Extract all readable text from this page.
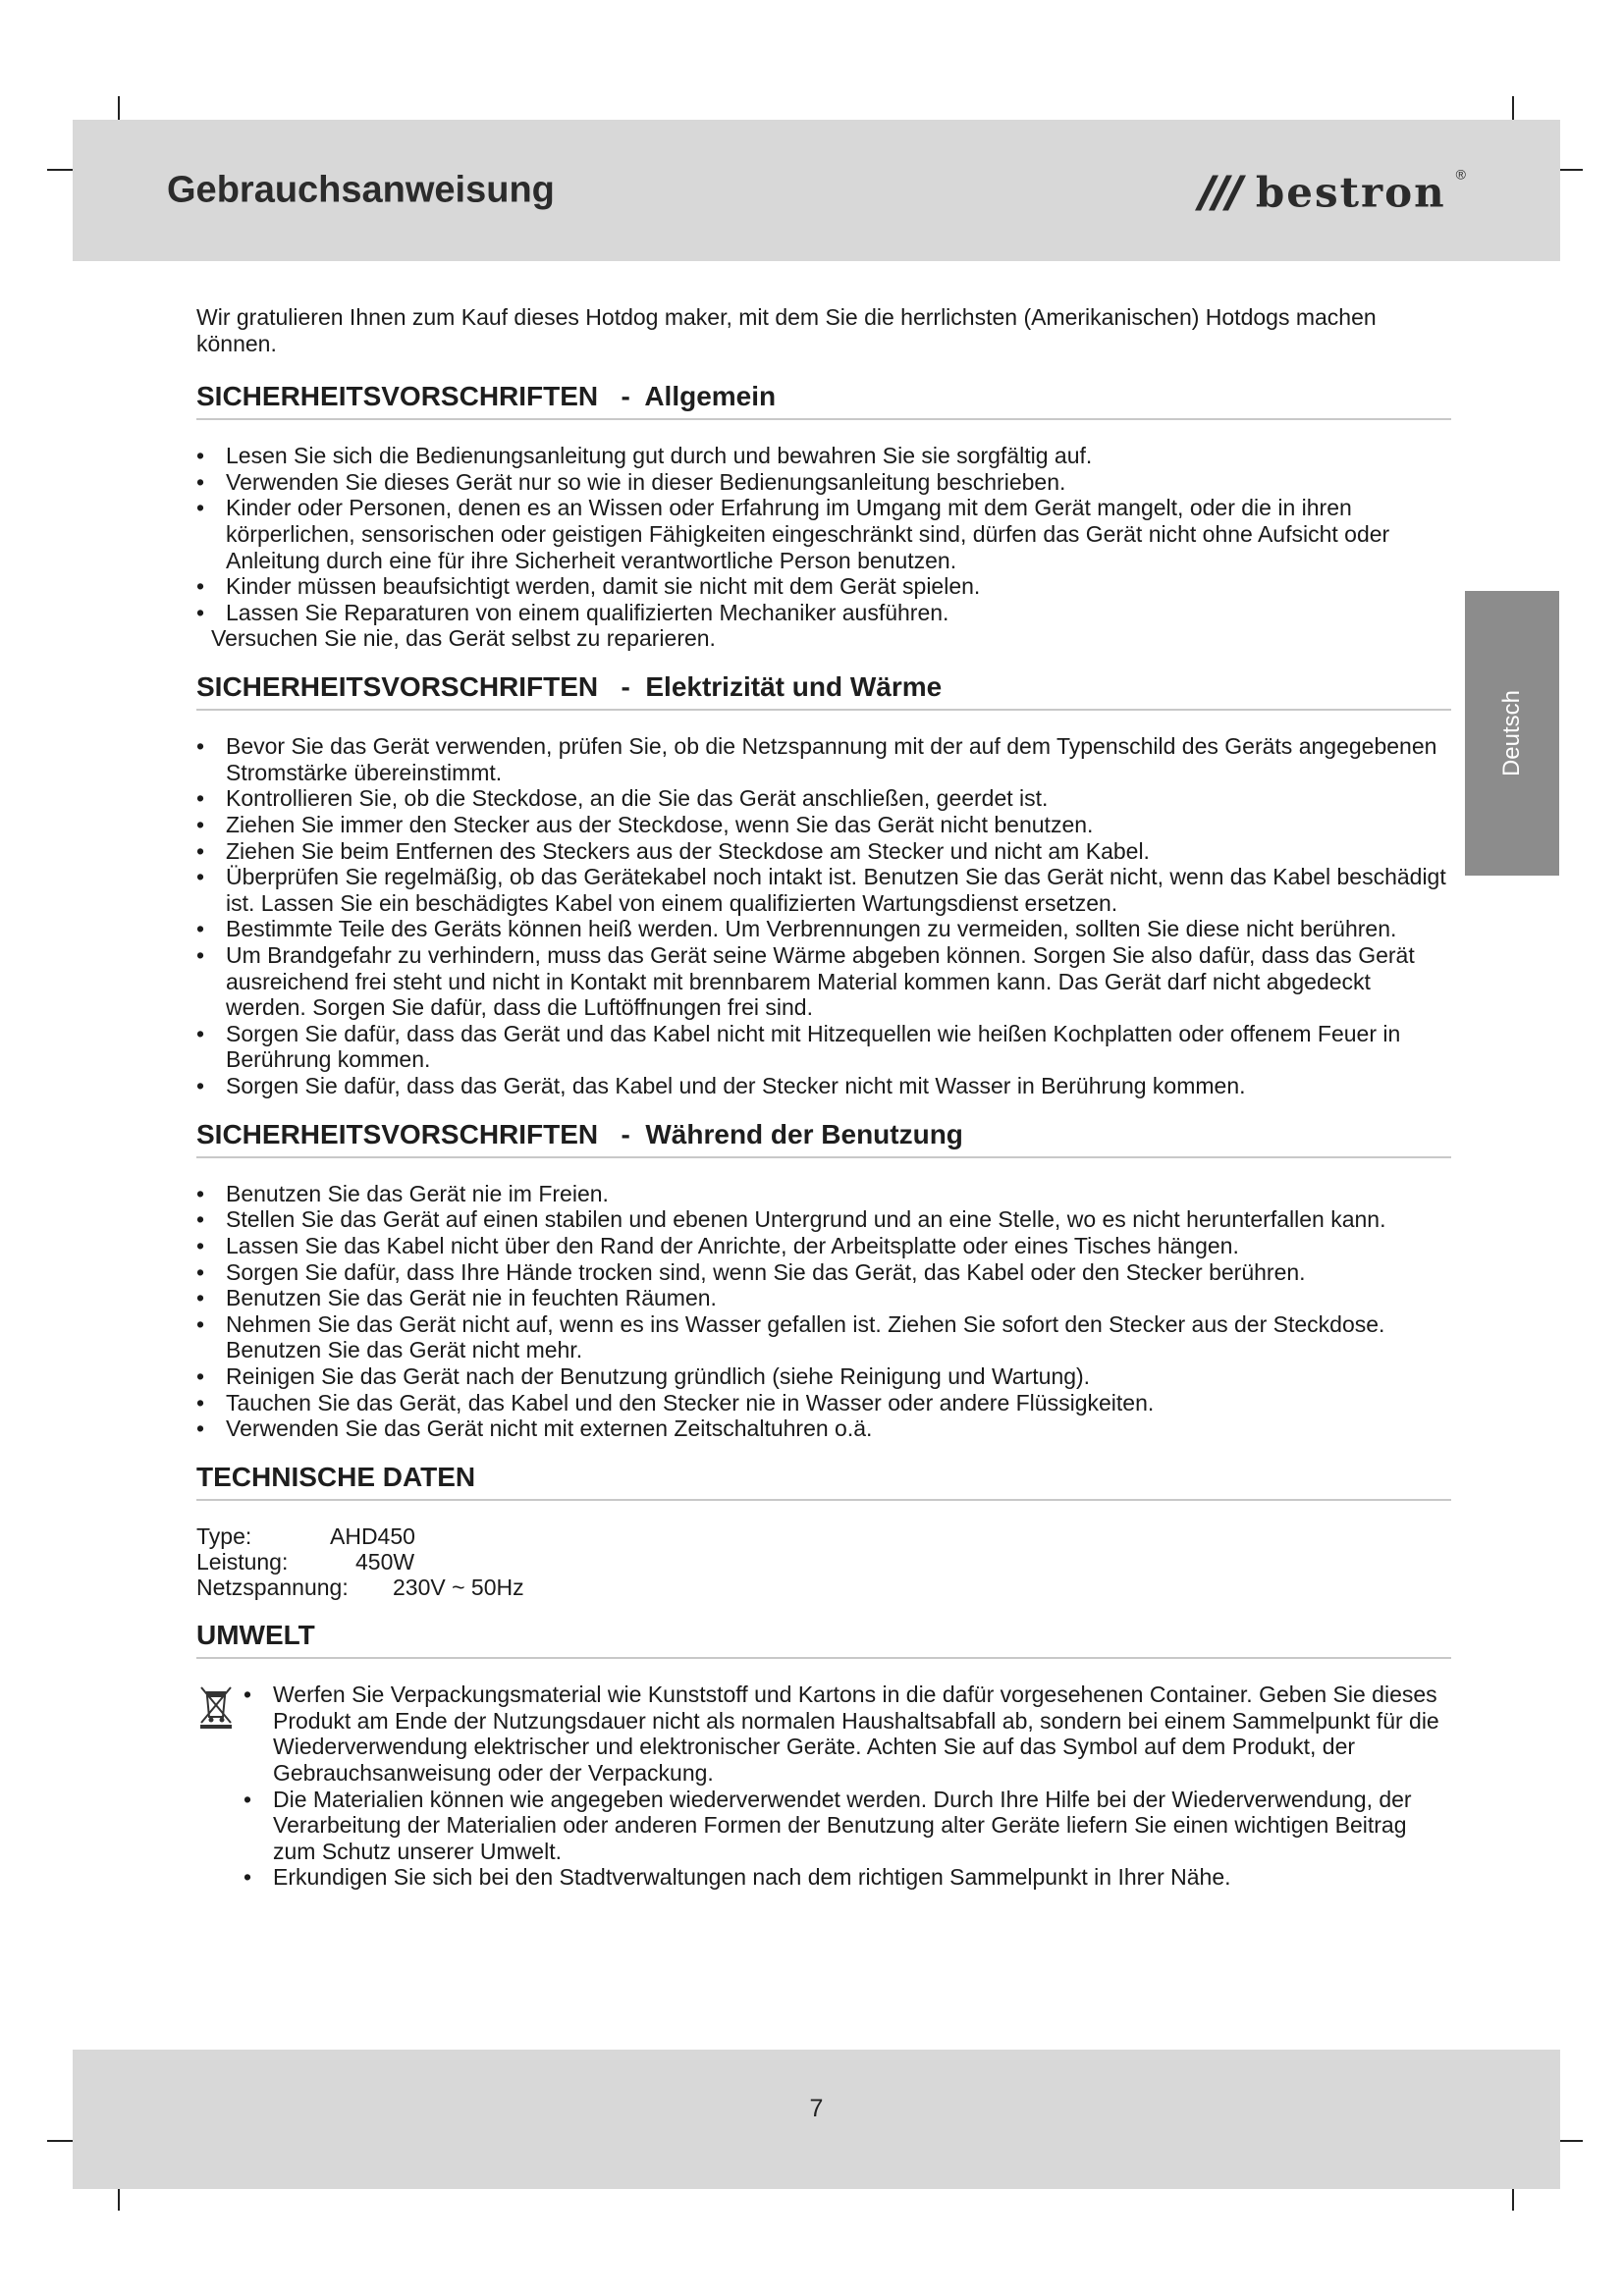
Gebrauchsanweisung	bestron ®
Deutsch

Wir gratulieren Ihnen zum Kauf dieses Hotdog maker, mit dem Sie die herrlichsten (Amerikanischen) Hotdogs machen können.

SICHERHEITSVORSCHRIFTEN   -  Allgemein
• Lesen Sie sich die Bedienungsanleitung gut durch und bewahren Sie sie sorgfältig auf.
• Verwenden Sie dieses Gerät nur so wie in dieser Bedienungsanleitung beschrieben.
• Kinder oder Personen, denen es an Wissen oder Erfahrung im Umgang mit dem Gerät mangelt, oder die in ihren körperlichen, sensorischen oder geistigen Fähigkeiten eingeschränkt sind, dürfen das Gerät nicht ohne Aufsicht oder Anleitung durch eine für ihre Sicherheit verantwortliche Person benutzen.
• Kinder müssen beaufsichtigt werden, damit sie nicht mit dem Gerät spielen.
• Lassen Sie Reparaturen von einem qualifizierten Mechaniker ausführen.

Versuchen Sie nie, das Gerät selbst zu reparieren.

SICHERHEITSVORSCHRIFTEN   -  Elektrizität und Wärme
• Bevor Sie das Gerät verwenden, prüfen Sie, ob die Netzspannung mit der auf dem Typenschild des Geräts angegebenen Stromstärke übereinstimmt.
• Kontrollieren Sie, ob die Steckdose, an die Sie das Gerät anschließen, geerdet ist.
• Ziehen Sie immer den Stecker aus der Steckdose, wenn Sie das Gerät nicht benutzen.
• Ziehen Sie beim Entfernen des Steckers aus der Steckdose am Stecker und nicht am Kabel.
• Überprüfen Sie regelmäßig, ob das Gerätekabel noch intakt ist. Benutzen Sie das Gerät nicht, wenn das Kabel beschädigt ist. Lassen Sie ein beschädigtes Kabel von einem qualifizierten Wartungsdienst ersetzen.
• Bestimmte Teile des Geräts können heiß werden. Um Verbrennungen zu vermeiden, sollten Sie diese nicht berühren.
• Um Brandgefahr zu verhindern, muss das Gerät seine Wärme abgeben können. Sorgen Sie also dafür, dass das Gerät ausreichend frei steht und nicht in Kontakt mit brennbarem Material kommen kann. Das Gerät darf nicht abgedeckt werden. Sorgen Sie dafür, dass die Luftöffnungen frei sind.
• Sorgen Sie dafür, dass das Gerät und das Kabel nicht mit Hitzequellen wie heißen Kochplatten oder offenem Feuer in Berührung kommen.
• Sorgen Sie dafür, dass das Gerät, das Kabel und der Stecker nicht mit Wasser in Berührung kommen.
SICHERHEITSVORSCHRIFTEN   -  Während der Benutzung
• Benutzen Sie das Gerät nie im Freien.
• Stellen Sie das Gerät auf einen stabilen und ebenen Untergrund und an eine Stelle, wo es nicht herunterfallen kann.
• Lassen Sie das Kabel nicht über den Rand der Anrichte, der Arbeitsplatte oder eines Tisches hängen.
• Sorgen Sie dafür, dass Ihre Hände trocken sind, wenn Sie das Gerät, das Kabel oder den Stecker berühren.
• Benutzen Sie das Gerät nie in feuchten Räumen.
• Nehmen Sie das Gerät nicht auf, wenn es ins Wasser gefallen ist. Ziehen Sie sofort den Stecker aus der Steckdose. Benutzen Sie das Gerät nicht mehr.
• Reinigen Sie das Gerät nach der Benutzung gründlich (siehe Reinigung und Wartung).
• Tauchen Sie das Gerät, das Kabel und den Stecker nie in Wasser oder andere Flüssigkeiten.
• Verwenden Sie das Gerät nicht mit externen Zeitschaltuhren o.ä.
TECHNISCHE DATEN
Type:	AHD450
Leistung:	450W
Netzspannung:	230V ~ 50Hz
UMWELT
• Werfen Sie Verpackungsmaterial wie Kunststoff und Kartons in die dafür vorgesehenen Container. Geben Sie dieses Produkt am Ende der Nutzungsdauer nicht als normalen Haushaltsabfall ab, sondern bei einem Sammelpunkt für die Wiederverwendung elektrischer und elektronischer Geräte. Achten Sie auf das Symbol auf dem Produkt, der Gebrauchsanweisung oder der Verpackung.
• Die Materialien können wie angegeben wiederverwendet werden. Durch Ihre Hilfe bei der Wiederverwendung, der Verarbeitung der Materialien oder anderen Formen der Benutzung alter Geräte liefern Sie einen wichtigen Beitrag zum Schutz unserer Umwelt.
• Erkundigen Sie sich bei den Stadtverwaltungen nach dem richtigen Sammelpunkt in Ihrer Nähe.
7
